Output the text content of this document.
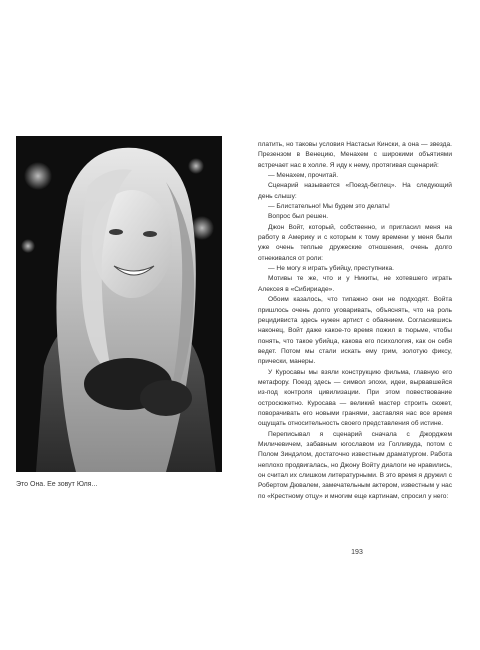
Это Она. Ее зовут Юля...

платить, но таковы условия Настасьи Кински, а она — звезда. Презензом в Венецию, Менахем с широкими объятиями встречает нас в холле. Я иду к нему, протягивая сценарий:

— Менахем, прочитай.

Сценарий называется «Поезд-беглец». На следующий день слышу:

— Блистательно! Мы будем это делать!

Вопрос был решен.

Джон Войт, который, собственно, и пригласил меня на работу в Америку и с которым к тому времени у меня были уже очень теплые дружеские отношения, очень долго отнекивался от роли:

— Не могу я играть убийцу, преступника.

Мотивы те же, что и у Никиты, не хотевшего играть Алексея в «Сибириаде».

Обоим казалось, что типажно они не подходят. Войта пришлось очень долго уговаривать, объяснять, что на роль рецидивиста здесь нужен артист с обаянием. Согласившись наконец, Войт даже какое-то время пожил в тюрьме, чтобы понять, что такое убийца, какова его психология, как он себя ведет. Потом мы стали искать ему грим, золотую фиксу, прически, манеры.

У Куросавы мы взяли конструкцию фильма, главную его метафору. Поезд здесь — символ эпохи, идеи, вырвавшейся из-под контроля цивилизации. При этом повествование остросюжетно. Куросава — великий мастер строить сюжет, поворачивать его новыми гранями, заставляя нас все время ощущать относительность своего представления об истине.

Переписывал я сценарий сначала с Джорджем Миличевичем, забавным югославом из Голливуда, потом с Полом Зиндэлом, достаточно известным драматургом. Работа неплохо продвигалась, но Джону Войту диалоги не нравились, он считал их слишком литературными. В это время я дружил с Робертом Дювалем, замечательным актером, известным у нас по «Крестному отцу» и многим еще картинам, спросил у него:

193
